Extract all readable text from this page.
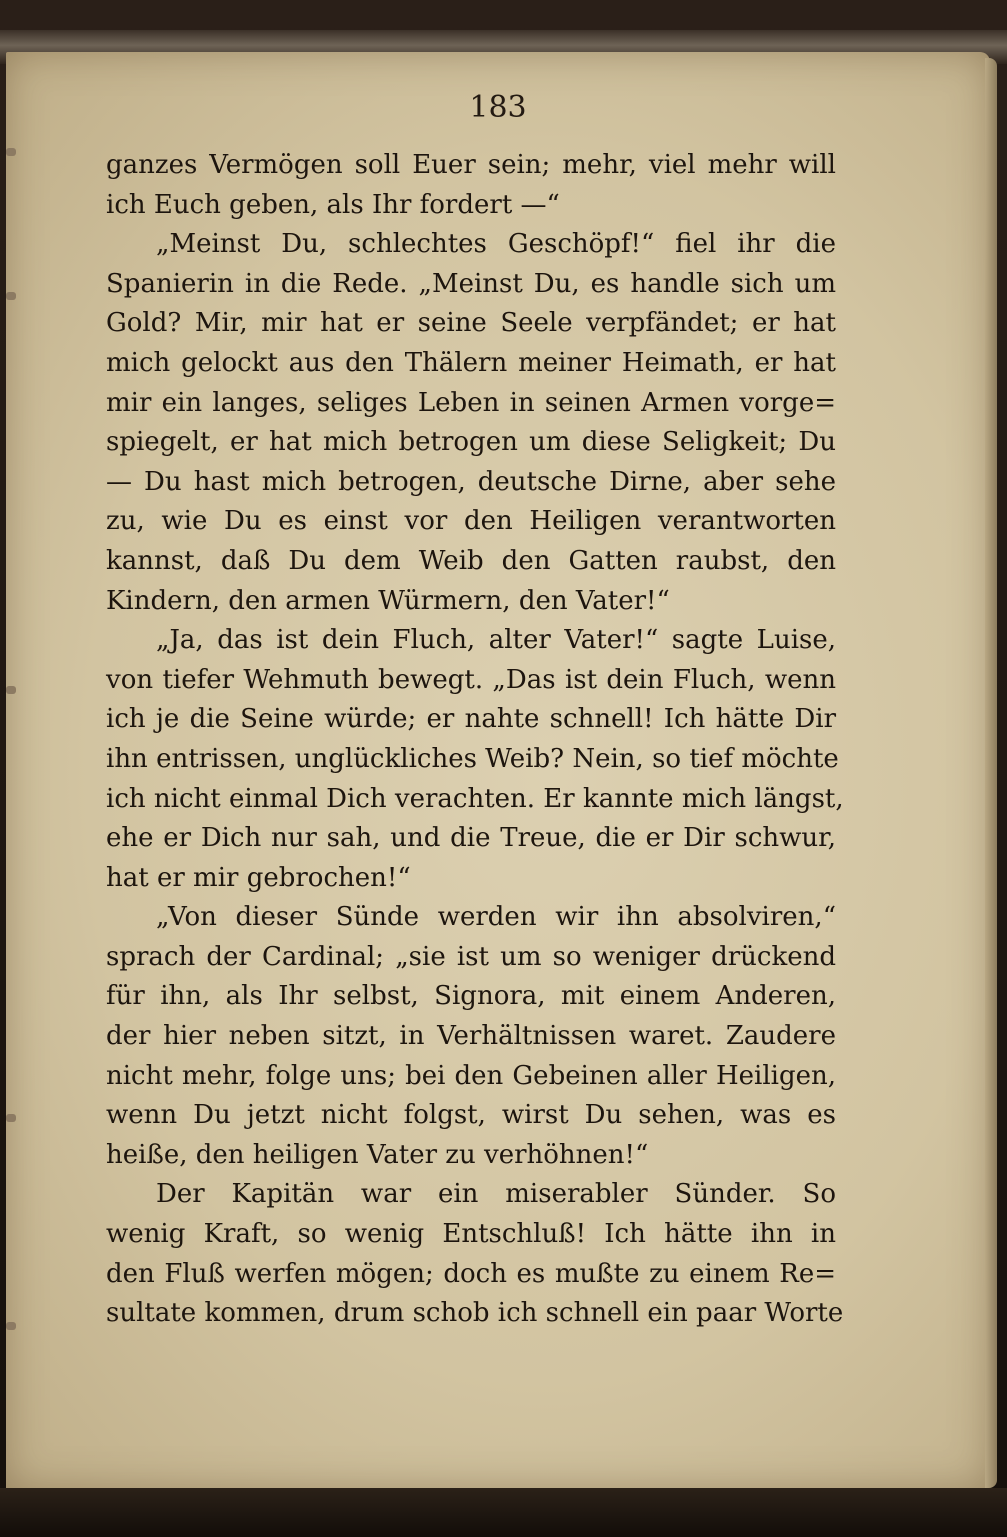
183
ganzes Vermögen soll Euer sein; mehr, viel mehr will
ich Euch geben, als Ihr fordert —“
„Meinst Du, schlechtes Geschöpf!“ fiel ihr die
Spanierin in die Rede. „Meinst Du, es handle sich um
Gold? Mir, mir hat er seine Seele verpfändet; er hat
mich gelockt aus den Thälern meiner Heimath, er hat
mir ein langes, seliges Leben in seinen Armen vorge=
spiegelt, er hat mich betrogen um diese Seligkeit; Du
— Du hast mich betrogen, deutsche Dirne, aber sehe
zu, wie Du es einst vor den Heiligen verantworten
kannst, daß Du dem Weib den Gatten raubst, den
Kindern, den armen Würmern, den Vater!“
„Ja, das ist dein Fluch, alter Vater!“ sagte Luise,
von tiefer Wehmuth bewegt. „Das ist dein Fluch, wenn
ich je die Seine würde; er nahte schnell! Ich hätte Dir
ihn entrissen, unglückliches Weib? Nein, so tief möchte
ich nicht einmal Dich verachten. Er kannte mich längst,
ehe er Dich nur sah, und die Treue, die er Dir schwur,
hat er mir gebrochen!“
„Von dieser Sünde werden wir ihn absolviren,“
sprach der Cardinal; „sie ist um so weniger drückend
für ihn, als Ihr selbst, Signora, mit einem Anderen,
der hier neben sitzt, in Verhältnissen waret. Zaudere
nicht mehr, folge uns; bei den Gebeinen aller Heiligen,
wenn Du jetzt nicht folgst, wirst Du sehen, was es
heiße, den heiligen Vater zu verhöhnen!“
Der Kapitän war ein miserabler Sünder. So
wenig Kraft, so wenig Entschluß! Ich hätte ihn in
den Fluß werfen mögen; doch es mußte zu einem Re=
sultate kommen, drum schob ich schnell ein paar Worte
